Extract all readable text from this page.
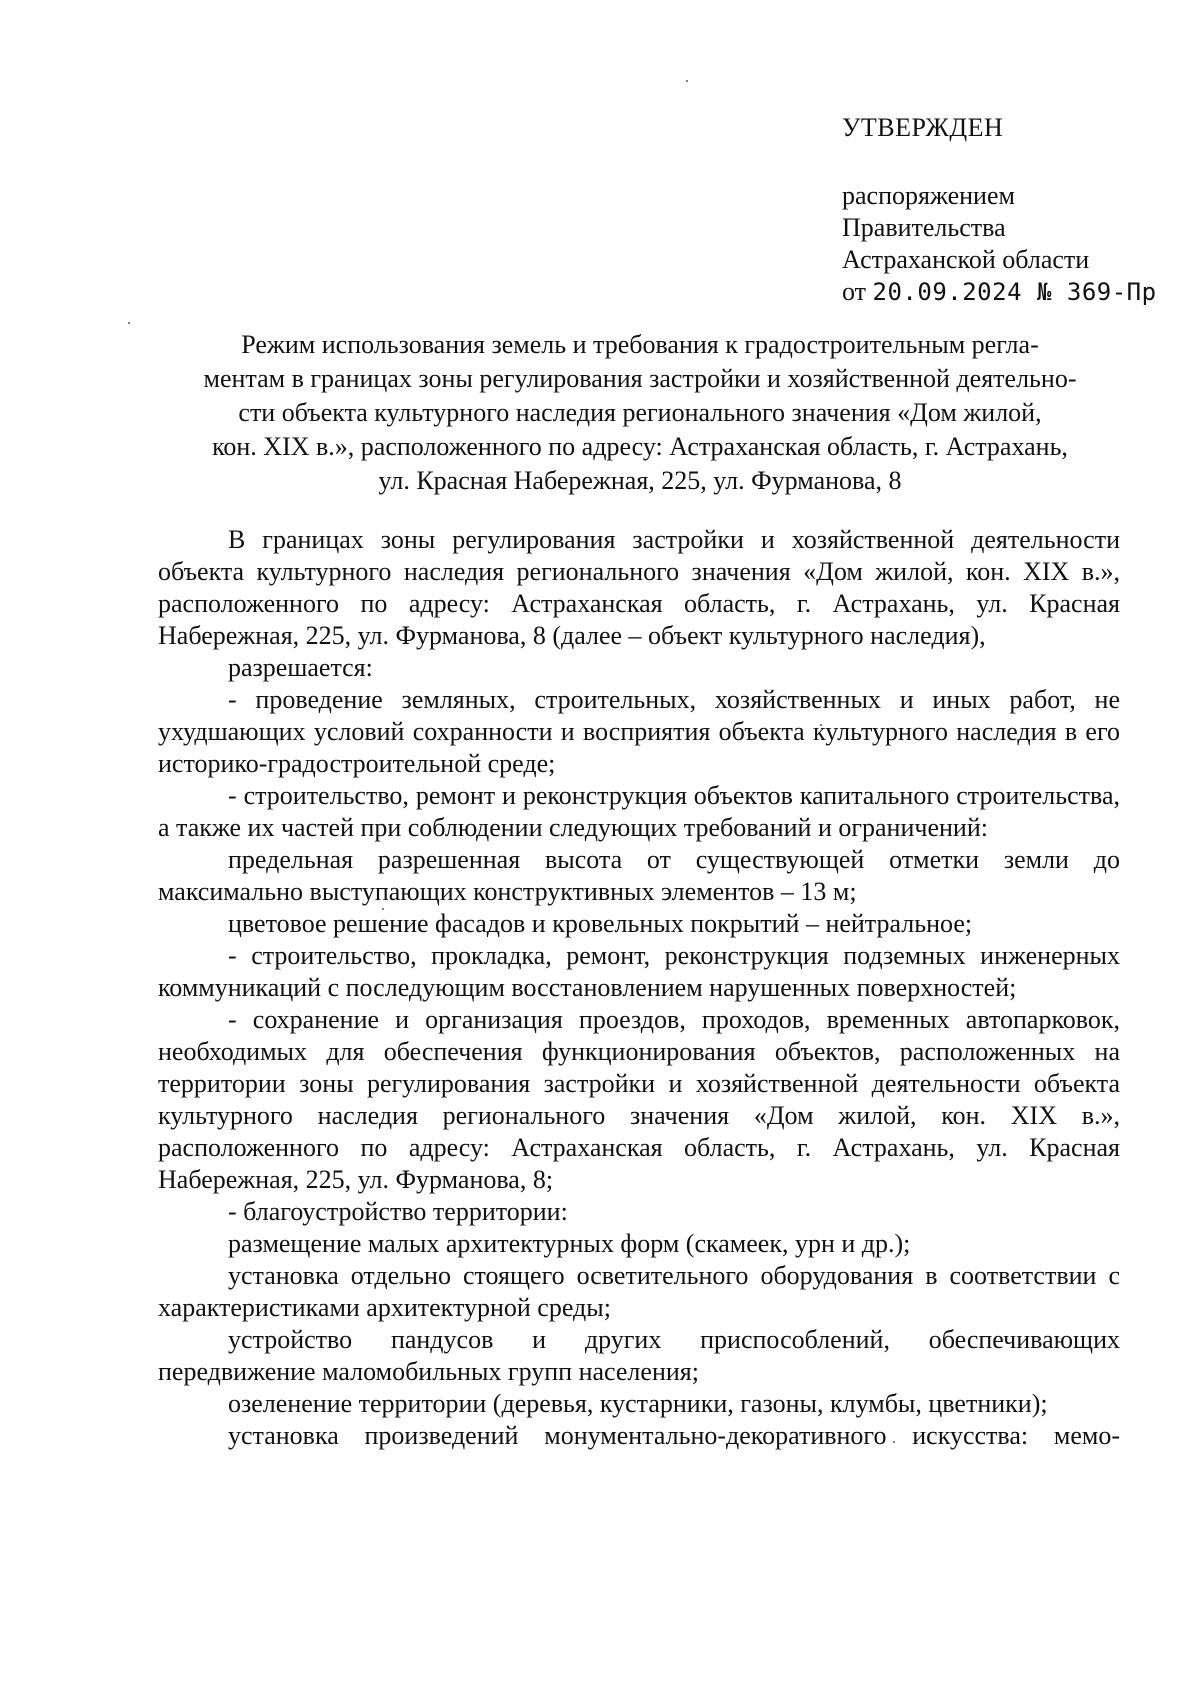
УТВЕРЖДЕН
распоряжением
Правительства
Астраханской области
от 20.09.2024 № 369-Пр
Режим использования земель и требования к градостроительным регла-
ментам в границах зоны регулирования застройки и хозяйственной деятельно-
сти объекта культурного наследия регионального значения «Дом жилой,
кон. XIX в.», расположенного по адресу: Астраханская область, г. Астрахань,
ул. Красная Набережная, 225, ул. Фурманова, 8

В границах зоны регулирования застройки и хозяйственной деятельности объекта культурного наследия регионального значения «Дом жилой, кон. XIX в.», расположенного по адресу: Астраханская область, г. Астрахань, ул. Красная Набережная, 225, ул. Фурманова, 8 (далее – объект культурного наследия),

разрешается:

- проведение земляных, строительных, хозяйственных и иных работ, не ухудшающих условий сохранности и восприятия объекта культурного наследия в его историко-градостроительной среде;

- строительство, ремонт и реконструкция объектов капитального строительства, а также их частей при соблюдении следующих требований и ограничений:

предельная разрешенная высота от существующей отметки земли до максимально выступающих конструктивных элементов – 13 м;

цветовое решение фасадов и кровельных покрытий – нейтральное;

- строительство, прокладка, ремонт, реконструкция подземных инженерных коммуникаций с последующим восстановлением нарушенных поверхностей;

- сохранение и организация проездов, проходов, временных автопарковок, необходимых для обеспечения функционирования объектов, расположенных на территории зоны регулирования застройки и хозяйственной деятельности объекта культурного наследия регионального значения «Дом жилой, кон. XIX в.», расположенного по адресу: Астраханская область, г. Астрахань, ул. Красная Набережная, 225, ул. Фурманова, 8;

- благоустройство территории:

размещение малых архитектурных форм (скамеек, урн и др.);

установка отдельно стоящего осветительного оборудования в соответствии с характеристиками архитектурной среды;

устройство пандусов и других приспособлений, обеспечивающих передвижение маломобильных групп населения;

озеленение территории (деревья, кустарники, газоны, клумбы, цветники);

установка произведений монументально-декоративного искусства: мемо-
